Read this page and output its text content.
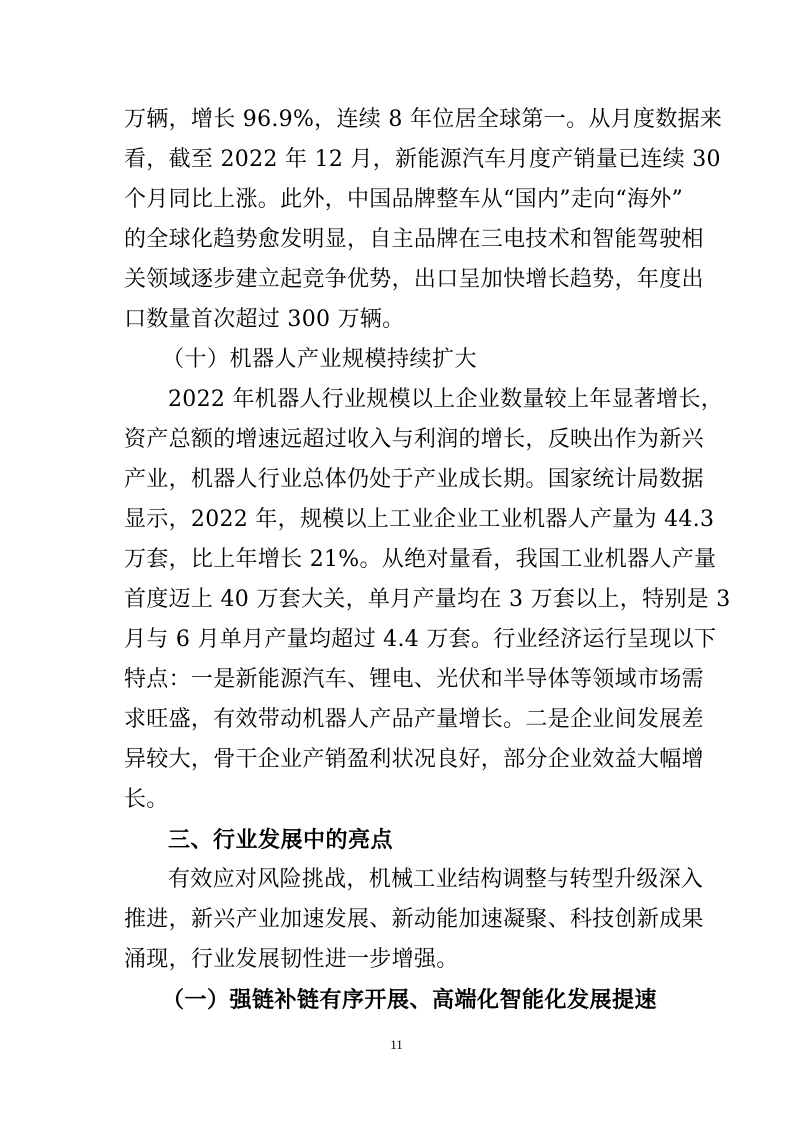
万辆，增长 96.9%，连续 8 年位居全球第一。从月度数据来
看，截至 2022 年 12 月，新能源汽车月度产销量已连续 30
个月同比上涨。此外，中国品牌整车从“国内”走向“海外”
的全球化趋势愈发明显，自主品牌在三电技术和智能驾驶相
关领域逐步建立起竞争优势，出口呈加快增长趋势，年度出
口数量首次超过 300 万辆。
（十）机器人产业规模持续扩大
2022 年机器人行业规模以上企业数量较上年显著增长，
资产总额的增速远超过收入与利润的增长，反映出作为新兴
产业，机器人行业总体仍处于产业成长期。国家统计局数据
显示，2022 年，规模以上工业企业工业机器人产量为 44.3
万套，比上年增长 21%。从绝对量看，我国工业机器人产量
首度迈上 40 万套大关，单月产量均在 3 万套以上，特别是 3
月与 6 月单月产量均超过 4.4 万套。行业经济运行呈现以下
特点：一是新能源汽车、锂电、光伏和半导体等领域市场需
求旺盛，有效带动机器人产品产量增长。二是企业间发展差
异较大，骨干企业产销盈利状况良好，部分企业效益大幅增
长。
三、行业发展中的亮点
有效应对风险挑战，机械工业结构调整与转型升级深入
推进，新兴产业加速发展、新动能加速凝聚、科技创新成果
涌现，行业发展韧性进一步增强。
（一）强链补链有序开展、高端化智能化发展提速
11
